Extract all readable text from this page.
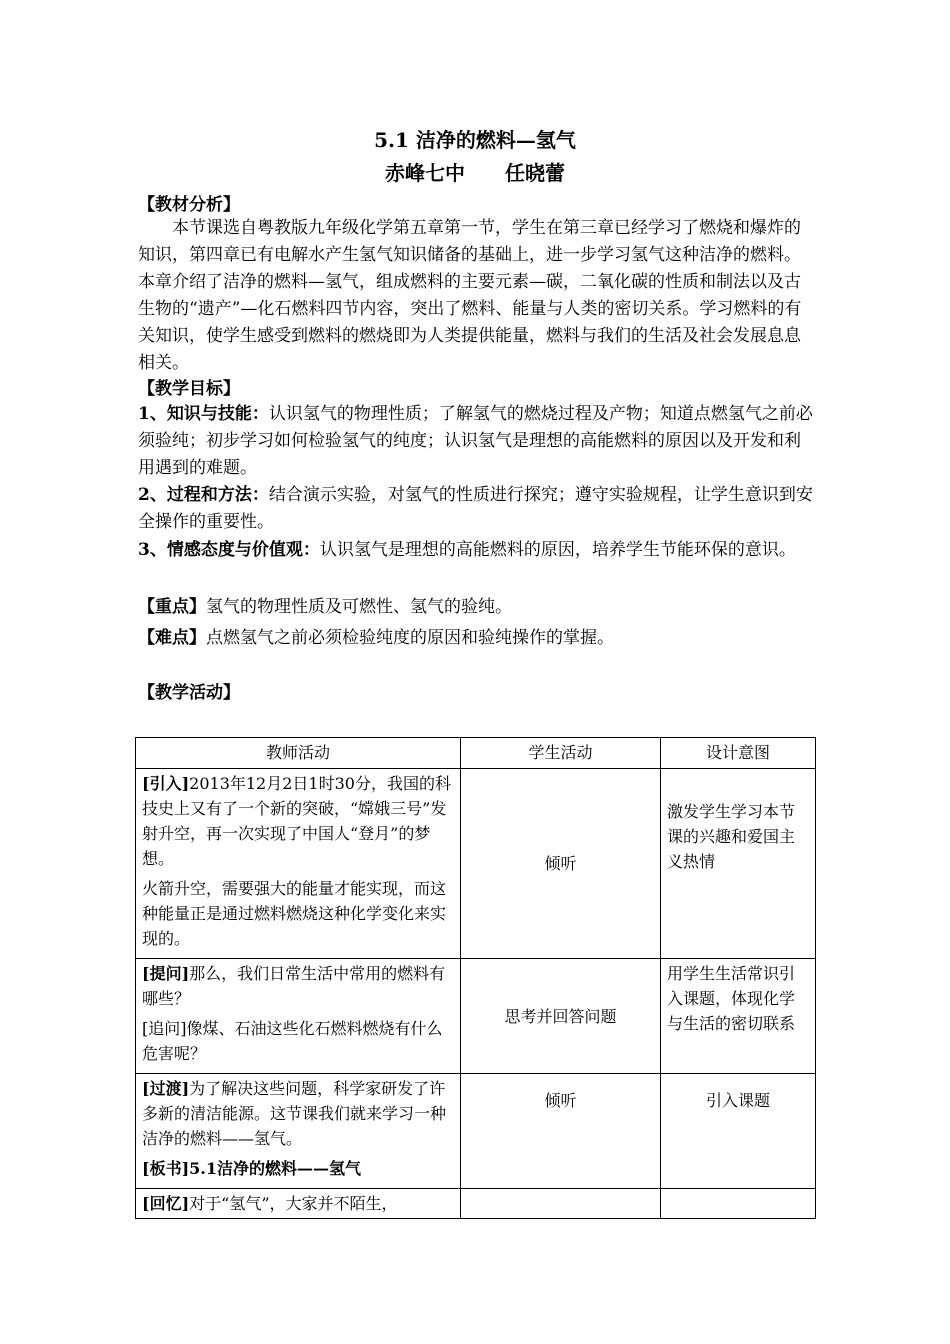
5.1 洁净的燃料—氢气
赤峰七中　　任晓蕾
【教材分析】
本节课选自粤教版九年级化学第五章第一节，学生在第三章已经学习了燃烧和爆炸的知识，第四章已有电解水产生氢气知识储备的基础上，进一步学习氢气这种洁净的燃料。本章介绍了洁净的燃料—氢气，组成燃料的主要元素—碳，二氧化碳的性质和制法以及古生物的“遗产”—化石燃料四节内容，突出了燃料、能量与人类的密切关系。学习燃料的有关知识，使学生感受到燃料的燃烧即为人类提供能量，燃料与我们的生活及社会发展息息相关。
【教学目标】
1、知识与技能：认识氢气的物理性质；了解氢气的燃烧过程及产物；知道点燃氢气之前必须验纯；初步学习如何检验氢气的纯度；认识氢气是理想的高能燃料的原因以及开发和利用遇到的难题。
2、过程和方法：结合演示实验，对氢气的性质进行探究；遵守实验规程，让学生意识到安全操作的重要性。
3、情感态度与价值观：认识氢气是理想的高能燃料的原因，培养学生节能环保的意识。
【重点】氢气的物理性质及可燃性、氢气的验纯。
【难点】点燃氢气之前必须检验纯度的原因和验纯操作的掌握。
【教学活动】
教师活动	学生活动	设计意图

[引入]2013年12月2日1时30分，我国的科技史上又有了一个新的突破，“嫦娥三号”发射升空，再一次实现了中国人“登月”的梦想。

火箭升空，需要强大的能量才能实现，而这种能量正是通过燃料燃烧这种化学变化来实现的。	倾听	激发学生学习本节课的兴趣和爱国主义热情

[提问]那么，我们日常生活中常用的燃料有哪些？

[追问]像煤、石油这些化石燃料燃烧有什么危害呢？	思考并回答问题	用学生生活常识引入课题，体现化学与生活的密切联系

[过渡]为了解决这些问题，科学家研发了许多新的清洁能源。这节课我们就来学习一种洁净的燃料——氢气。

[板书]5.1洁净的燃料——氢气	倾听	引入课题
[回忆]对于“氢气”，大家并不陌生，		
